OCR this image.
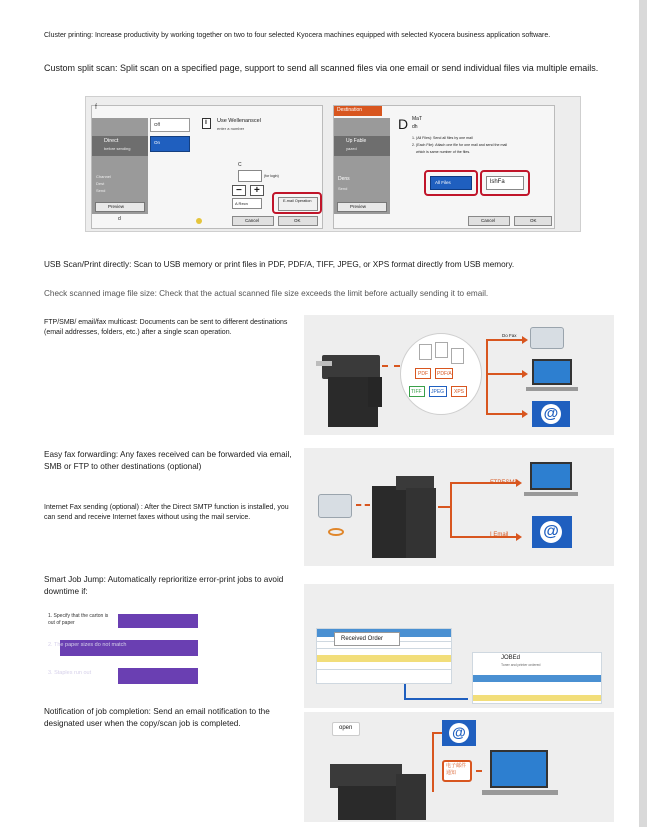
Cluster printing: Increase productivity by working together on two to four selected Kyocera machines equipped with selected Kyocera business application software.
Custom split scan: Split scan on a specified page, support to send all scanned files via one email or send individual files via multiple emails.
f
Direct
before sending
Channel
Dest
Send
Preview
Off
On
i Use Wellenanscel
enter a number
C
(for login)
− +
A Recn	E-mail Operation
Cancel	OK
d
Destination
Up Fable
yazed
Dens
Send
Preview
D MaT
dh
1. (All Files): Send all files by one mail
2. (Each File): Attach one file for one mail and send the mail
which is same number of the files.
All Files	lshFa
Cancel	OK
USB Scan/Print directly: Scan to USB memory or print files in PDF, PDF/A, TIFF, JPEG, or XPS format directly from USB memory.
Check scanned image file size: Check that the actual scanned file size exceeds the limit before actually sending it to email.
FTP/SMB/ email/fax multicast: Documents can be sent to different destinations (email addresses, folders, etc.) after a single scan operation.
PDF PDF/A
TIFF JPEG XPS
Do Fax
@
Easy fax forwarding: Any faxes received can be forwarded via email, SMB or FTP to other destinations (optional)
Internet Fax sending (optional) : After the Direct SMTP function is installed, you can send and receive Internet faxes without using the mail service.
FTPESMB
I Email @
Smart Job Jump: Automatically reprioritize error-print jobs to avoid downtime if:
1. Specify that the carton is out of paper
2. The paper sizes do not match
3. Staples run out
Received Order
JOBEd
Toner and printer ordered
Notification of job completion: Send an email notification to the designated user when the copy/scan job is completed.	open	@
电子邮件 通知
